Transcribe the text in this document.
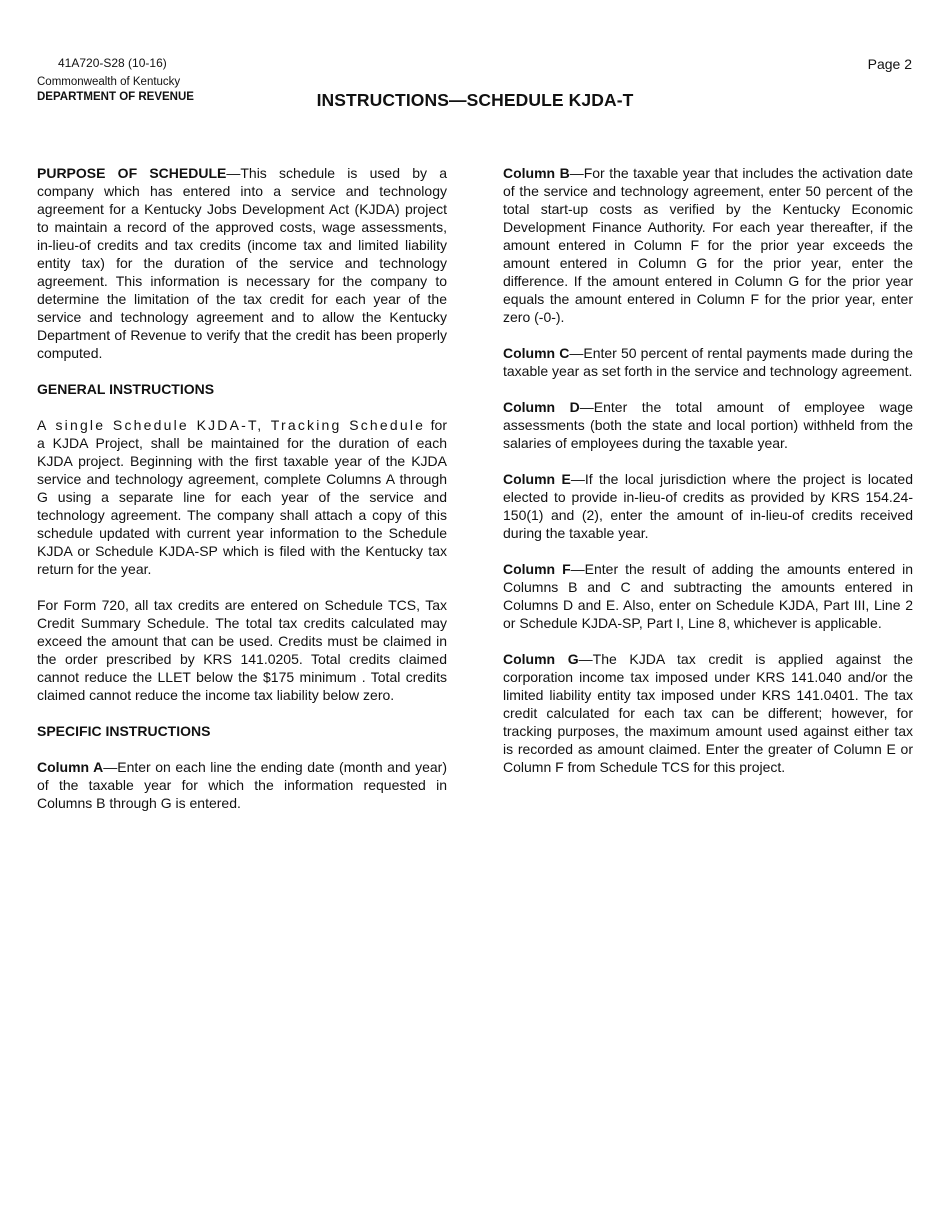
41A720-S28 (10-16)	Page 2
Commonwealth of Kentucky
DEPARTMENT OF REVENUE	INSTRUCTIONS—SCHEDULE KJDA-T

PURPOSE OF SCHEDULE—This schedule is used by a company which has entered into a service and technology agreement for a Kentucky Jobs Development Act (KJDA) project to maintain a record of the approved costs, wage assessments, in-lieu-of credits and tax credits (income tax and limited liability entity tax) for the duration of the service and technology agreement. This information is necessary for the company to determine the limitation of the tax credit for each year of the service and technology agreement and to allow the Kentucky Department of Revenue to verify that the credit has been properly computed.

GENERAL INSTRUCTIONS

A single Schedule KJDA-T, Tracking Schedule for a KJDA Project, shall be maintained for the duration of each KJDA project. Beginning with the first taxable year of the KJDA service and technology agreement, complete Columns A through G using a separate line for each year of the service and technology agreement. The company shall attach a copy of this schedule updated with current year information to the Schedule KJDA or Schedule KJDA-SP which is filed with the Kentucky tax return for the year.

For Form 720, all tax credits are entered on Schedule TCS, Tax Credit Summary Schedule. The total tax credits calculated may exceed the amount that can be used. Credits must be claimed in the order prescribed by KRS 141.0205. Total credits claimed cannot reduce the LLET below the $175 minimum . Total credits claimed cannot reduce the income tax liability below zero.

SPECIFIC INSTRUCTIONS

Column A—Enter on each line the ending date (month and year) of the taxable year for which the information requested in Columns B through G is entered.

Column B—For the taxable year that includes the activation date of the service and technology agreement, enter 50 percent of the total start-up costs as verified by the Kentucky Economic Development Finance Authority. For each year thereafter, if the amount entered in Column F for the prior year exceeds the amount entered in Column G for the prior year, enter the difference. If the amount entered in Column G for the prior year equals the amount entered in Column F for the prior year, enter zero (-0-).

Column C—Enter 50 percent of rental payments made during the taxable year as set forth in the service and technology agreement.

Column D—Enter the total amount of employee wage assessments (both the state and local portion) withheld from the salaries of employees during the taxable year.

Column E—If the local jurisdiction where the project is located elected to provide in-lieu-of credits as provided by KRS 154.24-150(1) and (2), enter the amount of in-lieu-of credits received during the taxable year.

Column F—Enter the result of adding the amounts entered in Columns B and C and subtracting the amounts entered in Columns D and E. Also, enter on Schedule KJDA, Part III, Line 2 or Schedule KJDA-SP, Part I, Line 8, whichever is applicable.

Column G—The KJDA tax credit is applied against the corporation income tax imposed under KRS 141.040 and/or the limited liability entity tax imposed under KRS 141.0401. The tax credit calculated for each tax can be different; however, for tracking purposes, the maximum amount used against either tax is recorded as amount claimed. Enter the greater of Column E or Column F from Schedule TCS for this project.
